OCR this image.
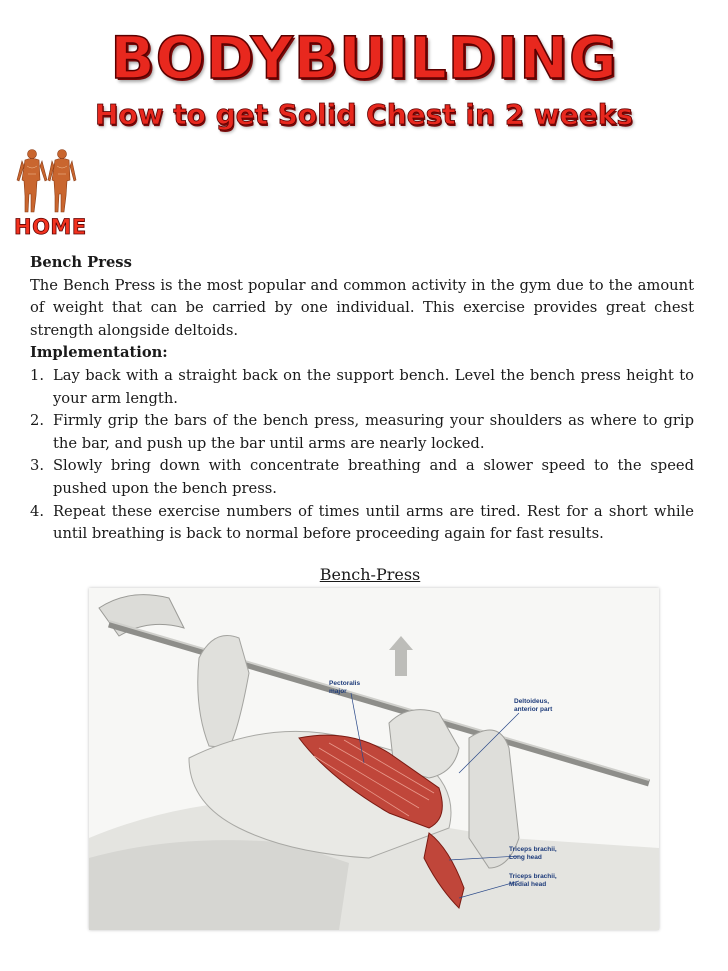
BODYBUILDING
How to get Solid Chest in 2 weeks
HOME

Bench Press

The Bench Press is the most popular and common activity in the gym due to the amount of weight that can be carried by one individual. This exercise provides great chest strength alongside deltoids.

Implementation:

1. Lay back with a straight back on the support bench. Level the bench press height to your arm length.
2. Firmly grip the bars of the bench press, measuring your shoulders as where to grip the bar, and push up the bar until arms are nearly locked.
3. Slowly bring down with concentrate breathing and a slower speed to the speed pushed upon the bench press.
4. Repeat these exercise numbers of times until arms are tired. Rest for a short while until breathing is back to normal before proceeding again for fast results.
Bench-Press
Pectoralis
major
Deltoideus,
anterior part
Triceps brachii,
Long head
Triceps brachii,
Medial head
